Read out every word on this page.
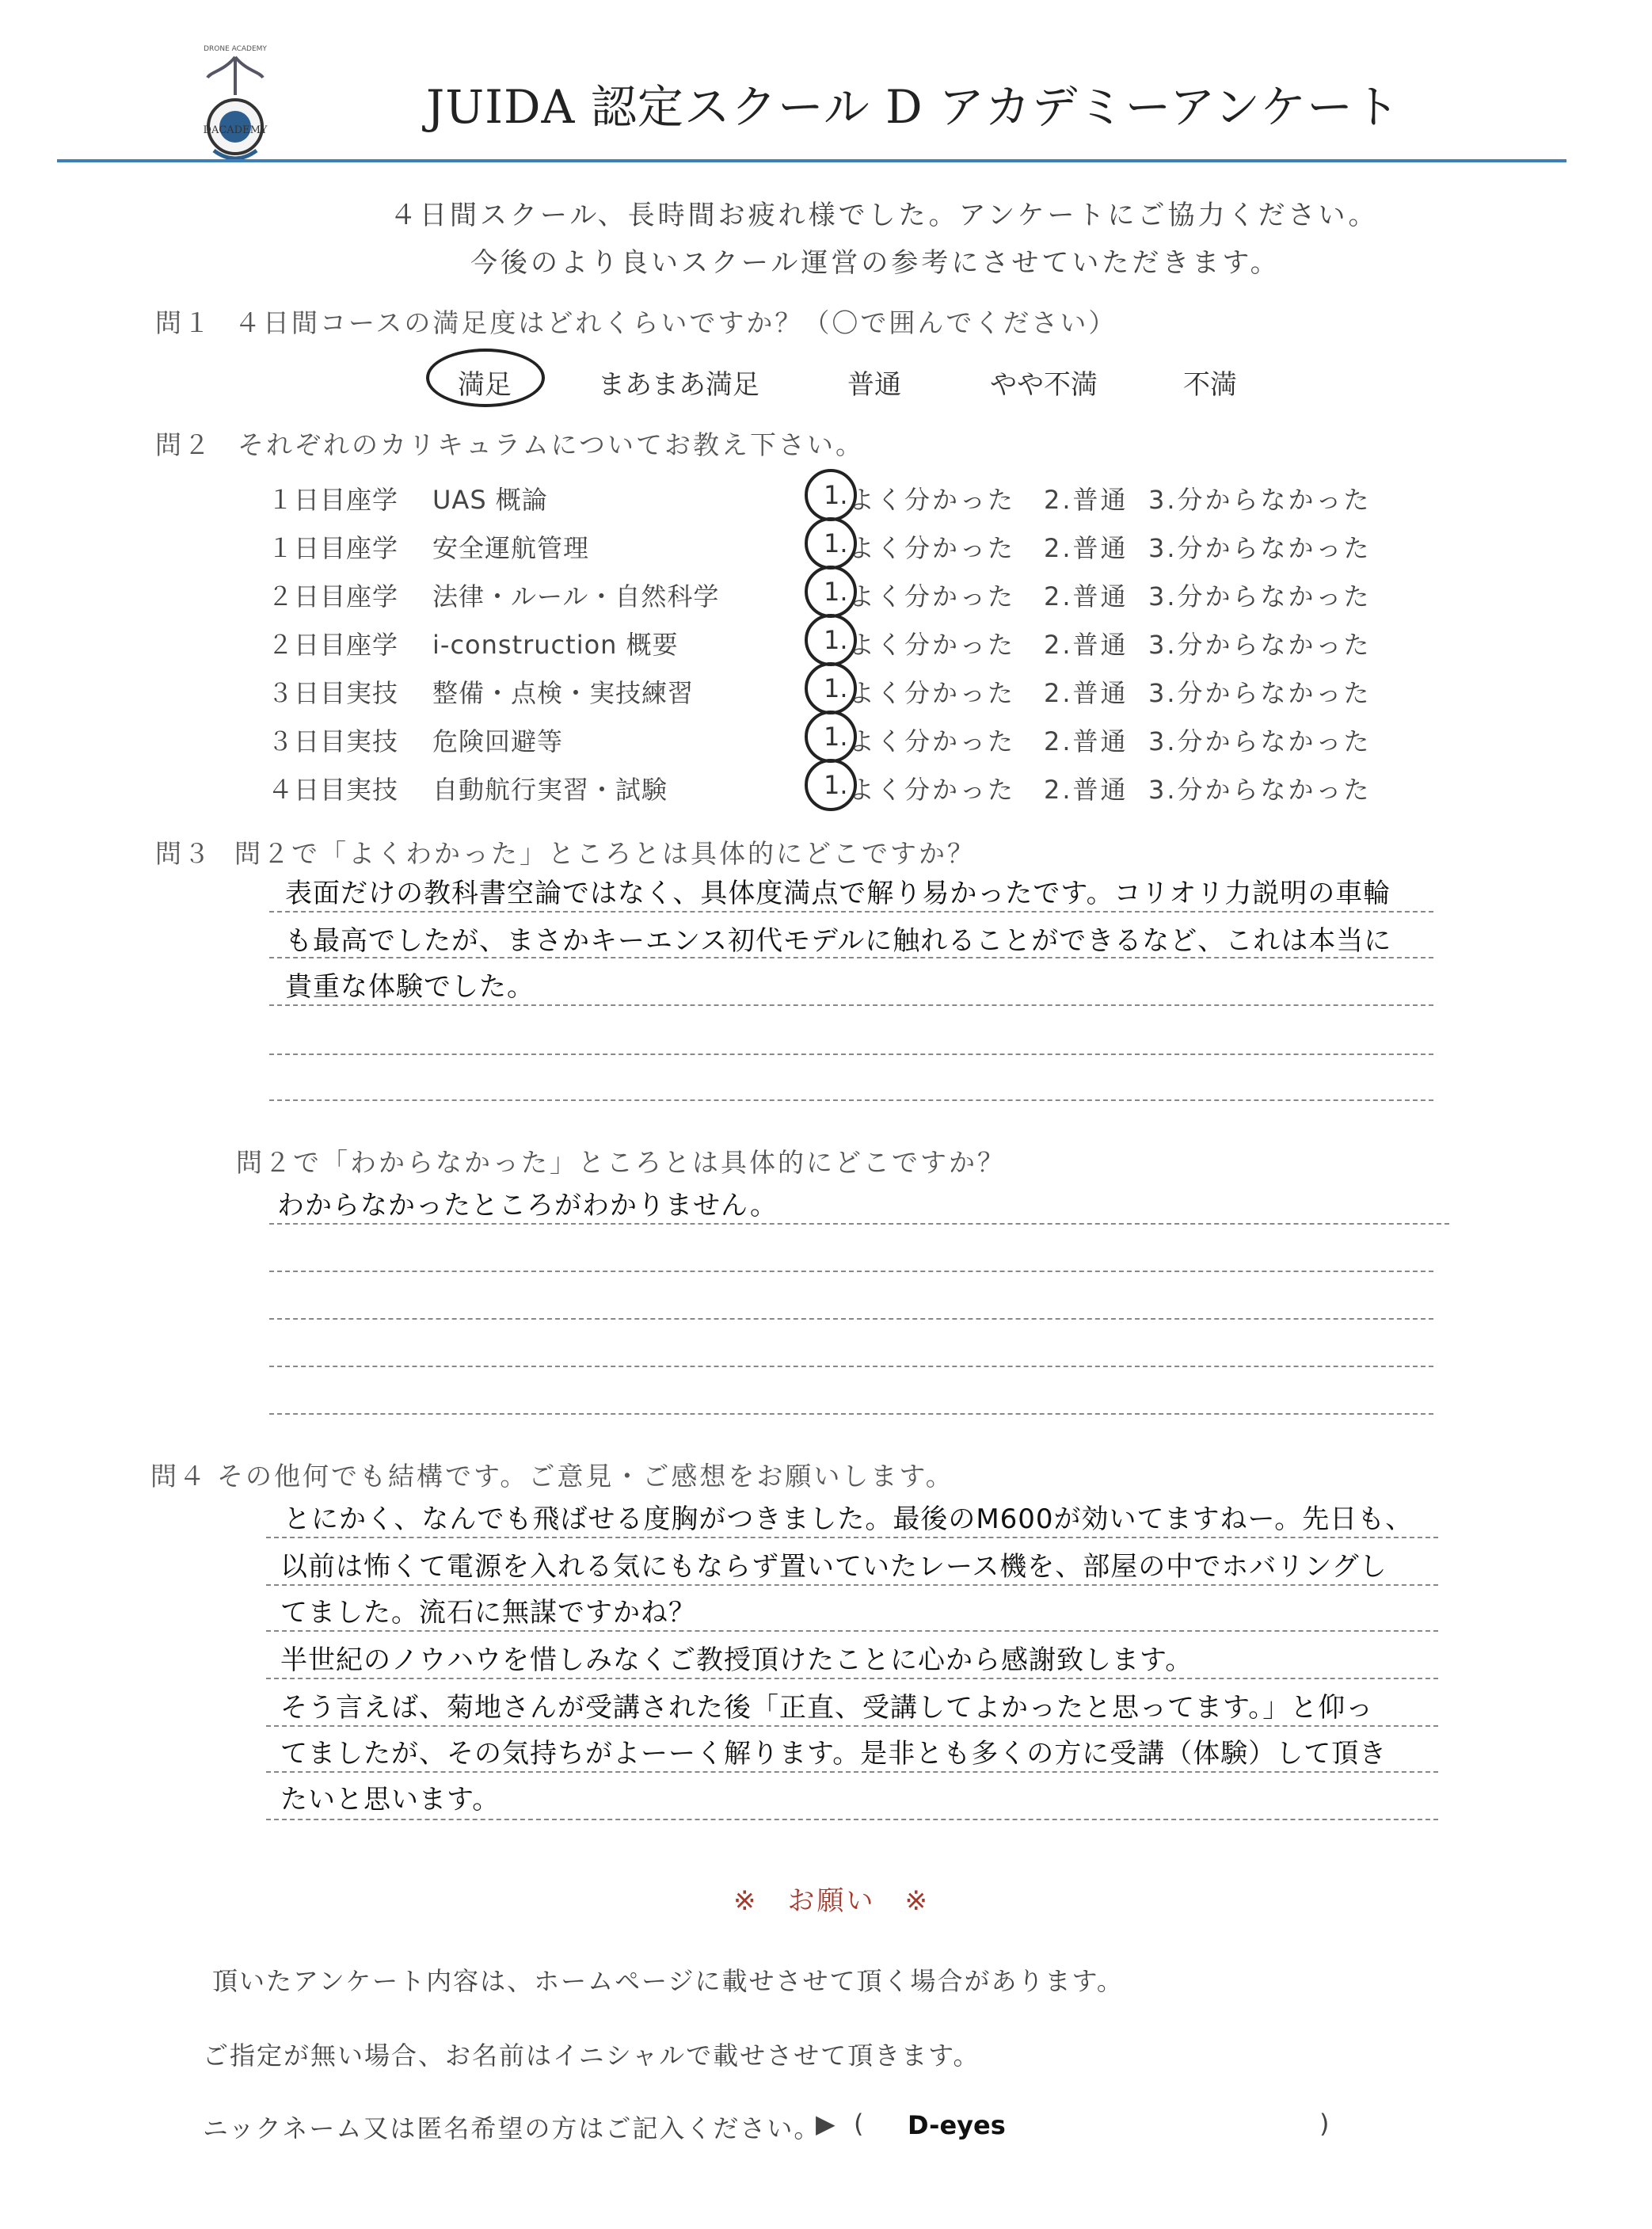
DRONE ACADEMY
DACADEMY	JUIDA 認定スクール D アカデミーアンケート
４日間スクール、長時間お疲れ様でした。アンケートにご協力ください。
今後のより良いスクール運営の参考にさせていただきます。
問１ ４日間コースの満足度はどれくらいですか？（〇で囲んでください）
満足	まあまあ満足	普通	やや不満	不満
問２ それぞれのカリキュラムについてお教え下さい。
１日目座学 UAS 概論	1. よく分かった 2.普通 3.分からなかった
１日目座学 安全運航管理	1. よく分かった 2.普通 3.分からなかった
２日目座学 法律・ルール・自然科学	1. よく分かった 2.普通 3.分からなかった
２日目座学 i-construction 概要	1. よく分かった 2.普通 3.分からなかった
３日目実技 整備・点検・実技練習	1. よく分かった 2.普通 3.分からなかった
３日目実技 危険回避等	1. よく分かった 2.普通 3.分からなかった
４日目実技 自動航行実習・試験	1. よく分かった 2.普通 3.分からなかった
問３ 問２で「よくわかった」ところとは具体的にどこですか？
表面だけの教科書空論ではなく、具体度満点で解り易かったです。コリオリ力説明の車輪
も最高でしたが、まさかキーエンス初代モデルに触れることができるなど、これは本当に
貴重な体験でした。
問２で「わからなかった」ところとは具体的にどこですか？
わからなかったところがわかりません。
問４ その他何でも結構です。ご意見・ご感想をお願いします。
とにかく、なんでも飛ばせる度胸がつきました。最後のM600が効いてますねー。先日も、
以前は怖くて電源を入れる気にもならず置いていたレース機を、部屋の中でホバリングし
てました。流石に無謀ですかね？
半世紀のノウハウを惜しみなくご教授頂けたことに心から感謝致します。
そう言えば、菊地さんが受講された後「正直、受講してよかったと思ってます。」と仰っ
てましたが、その気持ちがよーーく解ります。是非とも多くの方に受講（体験）して頂き
たいと思います。
※　お願い　※
頂いたアンケート内容は、ホームページに載せさせて頂く場合があります。
ご指定が無い場合、お名前はイニシャルで載せさせて頂きます。
ニックネーム又は匿名希望の方はご記入ください。
▶ ( D-eyes	)
